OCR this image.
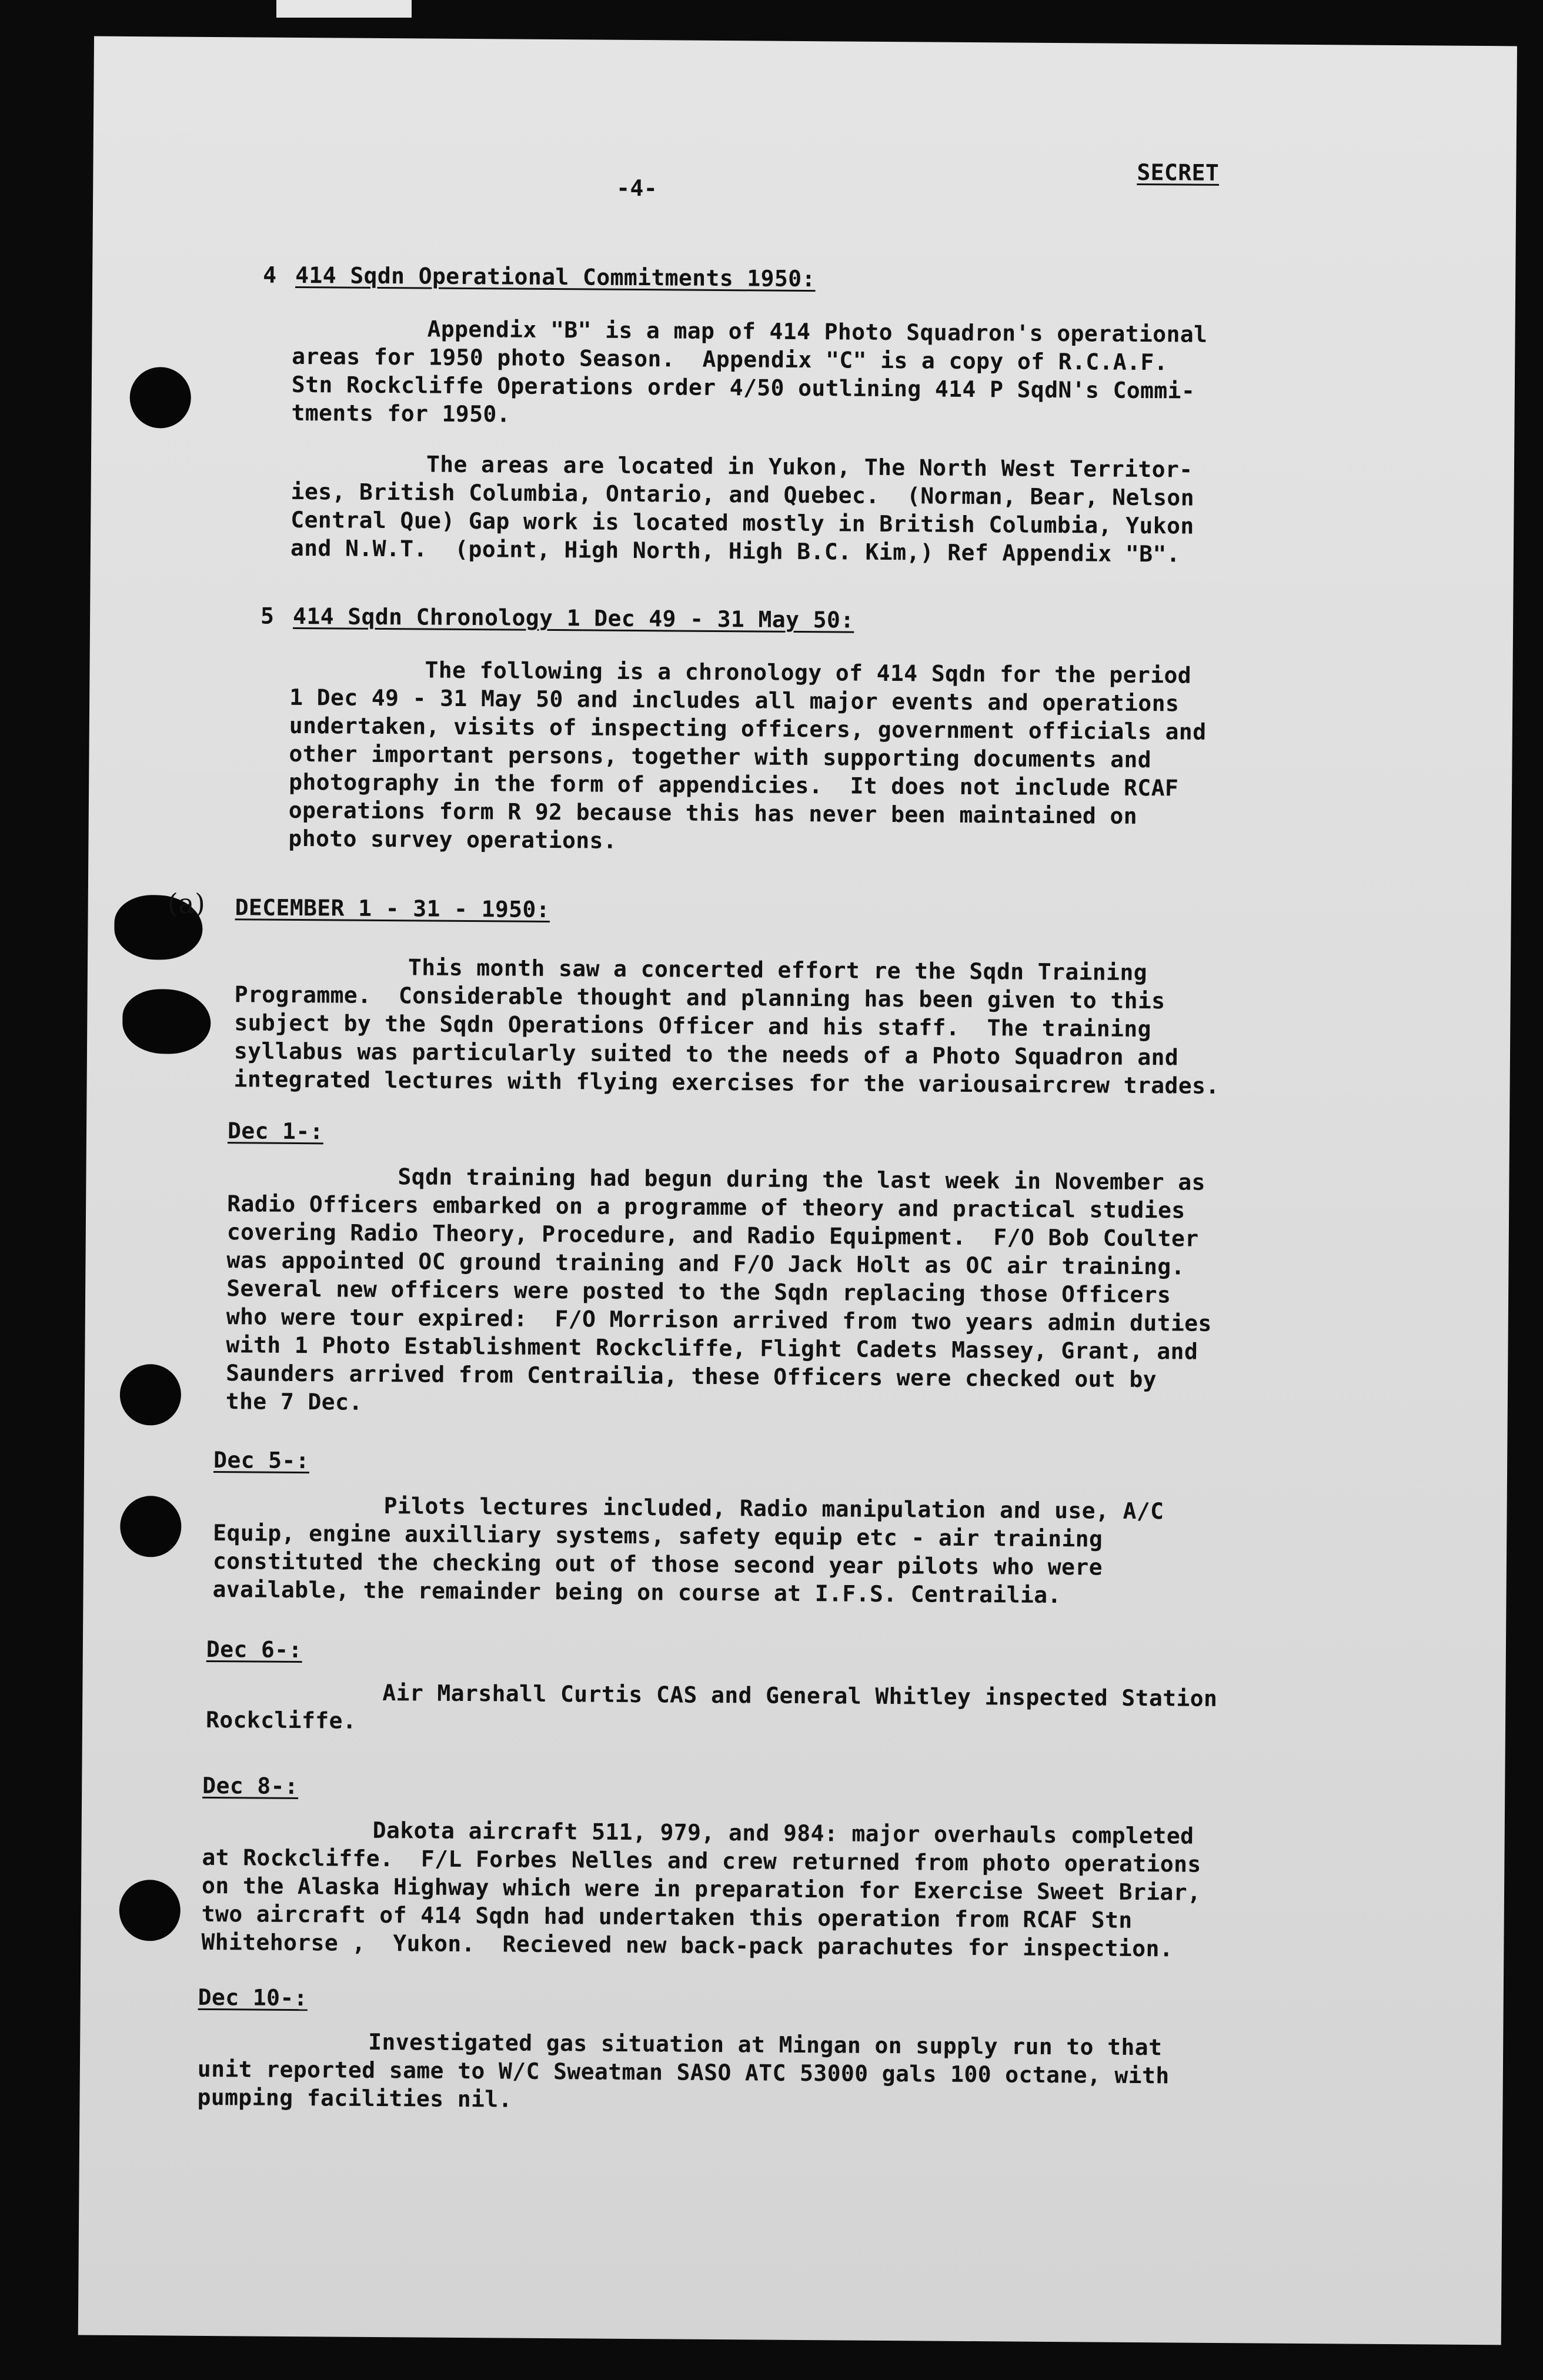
-4-
SECRET
4 414 Sqdn Operational Commitments 1950:
Appendix "B" is a map of 414 Photo Squadron's operational
areas for 1950 photo Season.  Appendix "C" is a copy of R.C.A.F.
Stn Rockcliffe Operations order 4/50 outlining 414 P SqdN's Commi-
tments for 1950.
The areas are located in Yukon, The North West Territor-
ies, British Columbia, Ontario, and Quebec.  (Norman, Bear, Nelson
Central Que) Gap work is located mostly in British Columbia, Yukon
and N.W.T.  (point, High North, High B.C. Kim,) Ref Appendix "B".
5 414 Sqdn Chronology 1 Dec 49 - 31 May 50:
The following is a chronology of 414 Sqdn for the period
1 Dec 49 - 31 May 50 and includes all major events and operations
undertaken, visits of inspecting officers, government officials and
other important persons, together with supporting documents and
photography in the form of appendicies.  It does not include RCAF
operations form R 92 because this has never been maintained on
photo survey operations.
(a) DECEMBER 1 - 31 - 1950:
This month saw a concerted effort re the Sqdn Training
Programme.  Considerable thought and planning has been given to this
subject by the Sqdn Operations Officer and his staff.  The training
syllabus was particularly suited to the needs of a Photo Squadron and
integrated lectures with flying exercises for the variousaircrew trades.
Dec 1-:
Sqdn training had begun during the last week in November as
Radio Officers embarked on a programme of theory and practical studies
covering Radio Theory, Procedure, and Radio Equipment.  F/O Bob Coulter
was appointed OC ground training and F/O Jack Holt as OC air training.
Several new officers were posted to the Sqdn replacing those Officers
who were tour expired:  F/O Morrison arrived from two years admin duties
with 1 Photo Establishment Rockcliffe, Flight Cadets Massey, Grant, and
Saunders arrived from Centrailia, these Officers were checked out by
the 7 Dec.
Dec 5-:
Pilots lectures included, Radio manipulation and use, A/C
Equip, engine auxilliary systems, safety equip etc - air training
constituted the checking out of those second year pilots who were
available, the remainder being on course at I.F.S. Centrailia.
Dec 6-:
Air Marshall Curtis CAS and General Whitley inspected Station
Rockcliffe.
Dec 8-:
Dakota aircraft 511, 979, and 984: major overhauls completed
at Rockcliffe.  F/L Forbes Nelles and crew returned from photo operations
on the Alaska Highway which were in preparation for Exercise Sweet Briar,
two aircraft of 414 Sqdn had undertaken this operation from RCAF Stn
Whitehorse ,  Yukon.  Recieved new back-pack parachutes for inspection.
Dec 10-:
Investigated gas situation at Mingan on supply run to that
unit reported same to W/C Sweatman SASO ATC 53000 gals 100 octane, with
pumping facilities nil.
